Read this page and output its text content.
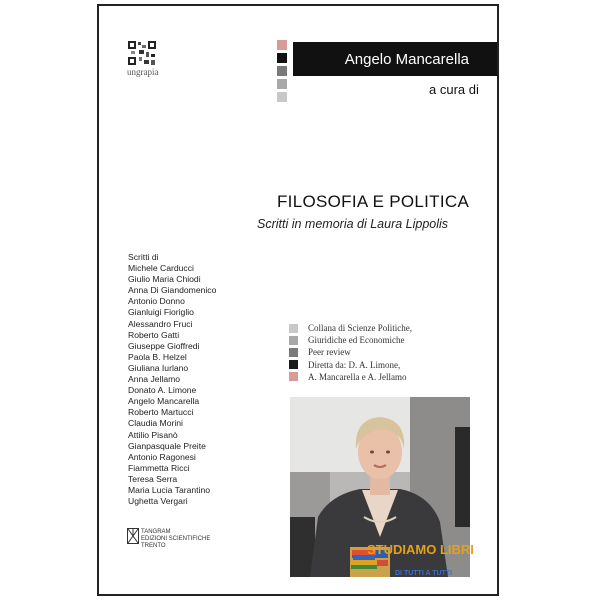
ungrapia
Angelo Mancarella
a cura di
FILOSOFIA E POLITICA
Scritti in memoria di Laura Lippolis
Scritti di
Michele Carducci
Giulio Maria Chiodi
Anna Di Giandomenico
Antonio Donno
Gianluigi Fioriglio
Alessandro Fruci
Roberto Gatti
Giuseppe Gioffredi
Paola B. Helzel
Giuliana Iurlano
Anna Jellamo
Donato A. Limone
Angelo Mancarella
Roberto Martucci
Claudia Morini
Attilio Pisanò
Gianpasquale Preite
Antonio Ragonesi
Fiammetta Ricci
Teresa Serra
Maria Lucia Tarantino
Ughetta Vergari
Collana di Scienze Politiche,
Giuridiche ed Economiche
Peer review
Diretta da: D. A. Limone,
A. Mancarella e A. Jellamo
TANGRAM
EDIZIONI SCIENTIFICHE
TRENTO	STUDIAMO LIBRI
DI TUTTI A TUTTI
